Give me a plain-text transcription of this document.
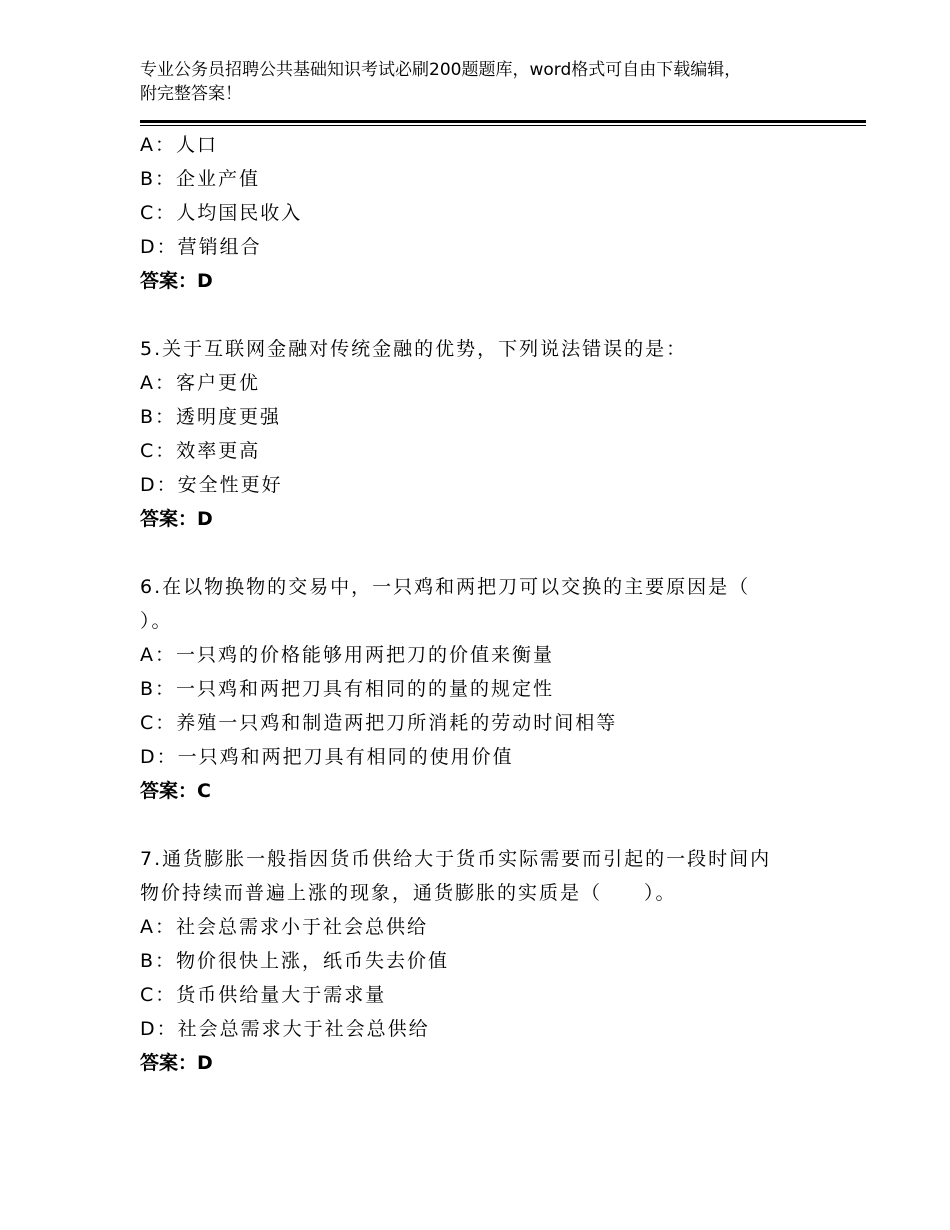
专业公务员招聘公共基础知识考试必刷200题题库，word格式可自由下载编辑，
附完整答案！
A：人口
B：企业产值
C：人均国民收入
D：营销组合
答案：D
5.关于互联网金融对传统金融的优势，下列说法错误的是：
A：客户更优
B：透明度更强
C：效率更高
D：安全性更好
答案：D
6.在以物换物的交易中，一只鸡和两把刀可以交换的主要原因是（
）。
A：一只鸡的价格能够用两把刀的价值来衡量
B：一只鸡和两把刀具有相同的的量的规定性
C：养殖一只鸡和制造两把刀所消耗的劳动时间相等
D：一只鸡和两把刀具有相同的使用价值
答案：C
7.通货膨胀一般指因货币供给大于货币实际需要而引起的一段时间内
物价持续而普遍上涨的现象，通货膨胀的实质是（　　）。
A：社会总需求小于社会总供给
B：物价很快上涨，纸币失去价值
C：货币供给量大于需求量
D：社会总需求大于社会总供给
答案：D
